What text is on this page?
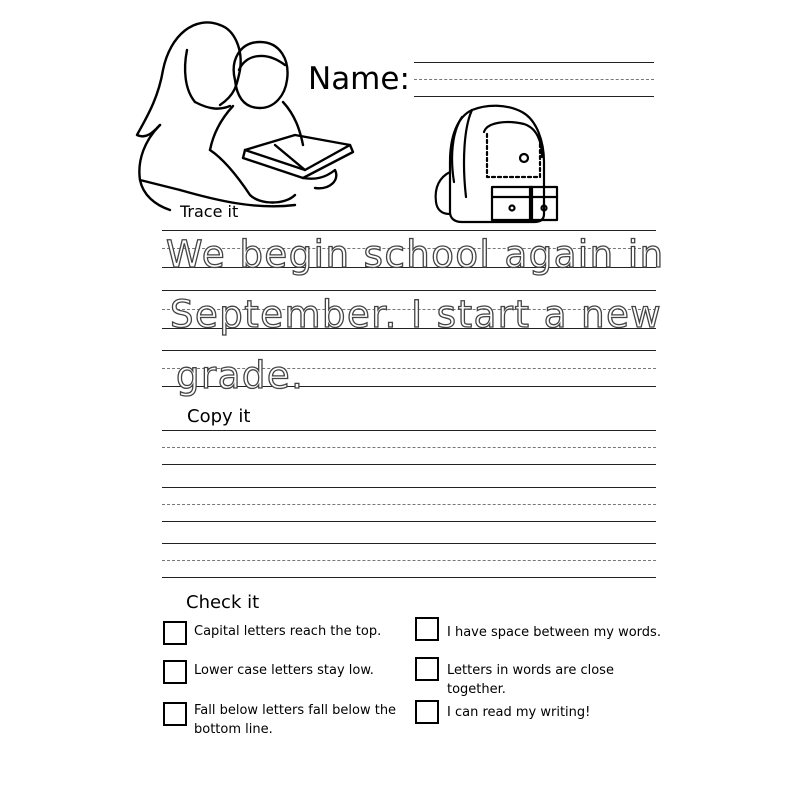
Name:
Trace it
We begin school again in
September. I start a new
grade.
Copy it
Check it
Capital letters reach the top.	I have space between my words.
Lower case letters stay low.	Letters in words are close together.
Fall below letters fall below the bottom line.
I can read my writing!
